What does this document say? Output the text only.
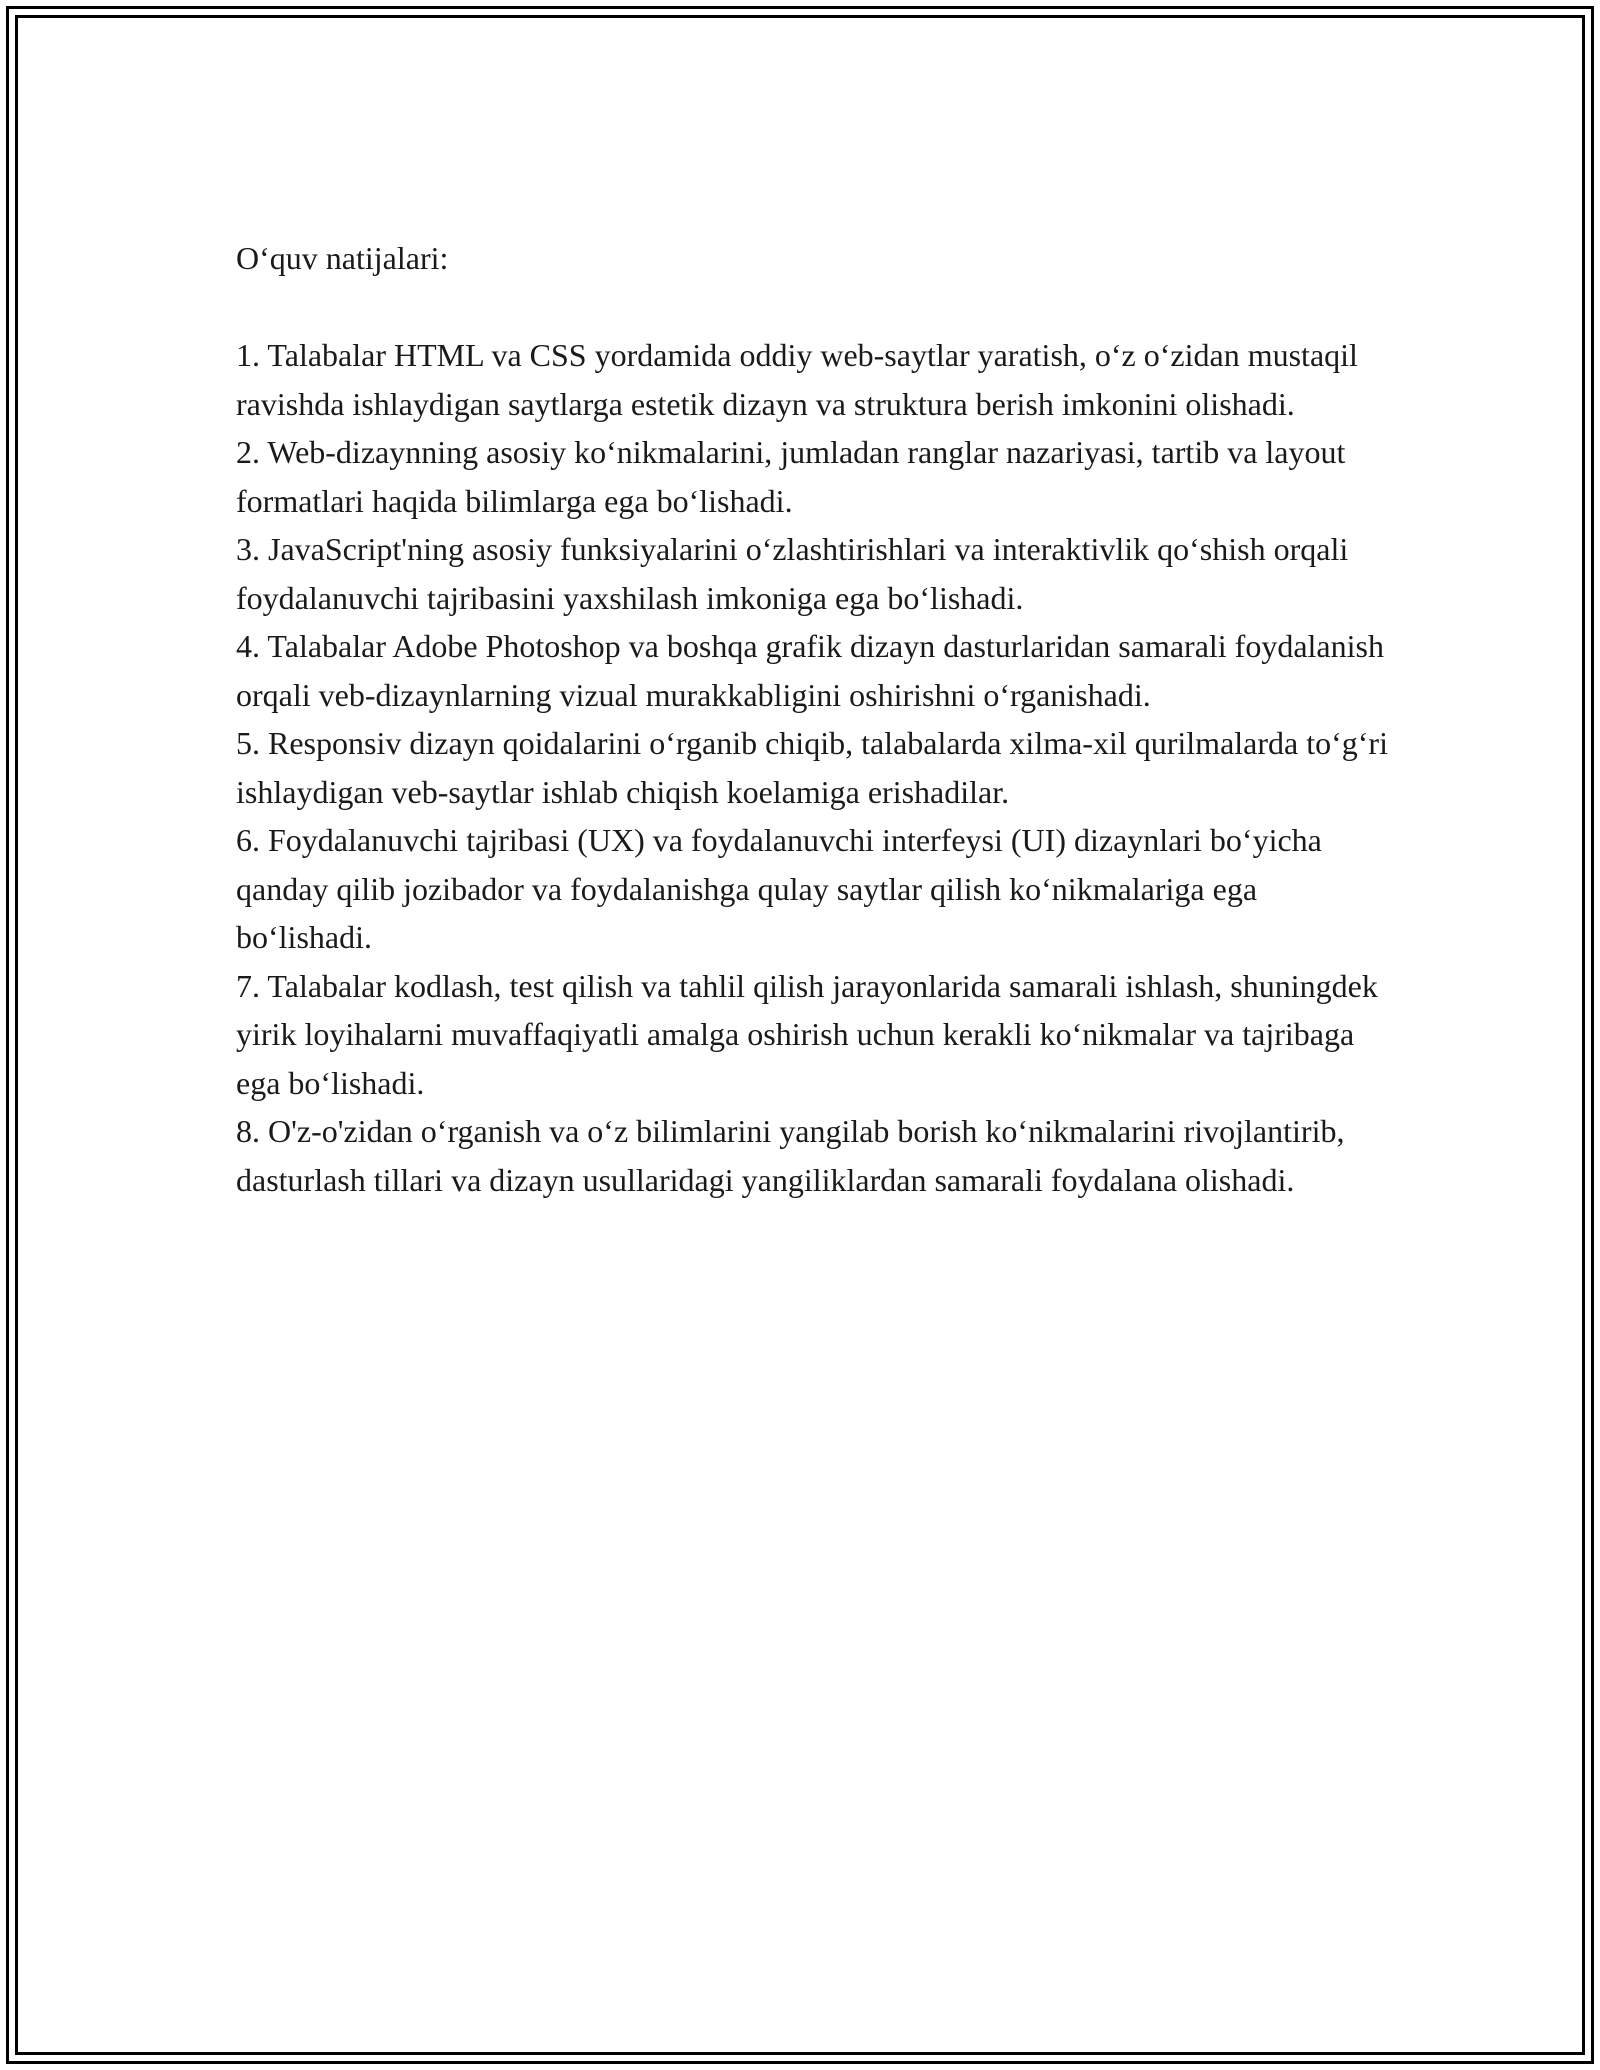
O‘quv natijalari:

1. Talabalar HTML va CSS yordamida oddiy web-saytlar yaratish, o‘z o‘zidan mustaqil ravishda ishlaydigan saytlarga estetik dizayn va struktura berish imkonini olishadi.

2. Web-dizaynning asosiy ko‘nikmalarini, jumladan ranglar nazariyasi, tartib va layout formatlari haqida bilimlarga ega bo‘lishadi.

3. JavaScript'ning asosiy funksiyalarini o‘zlashtirishlari va interaktivlik qo‘shish orqali foydalanuvchi tajribasini yaxshilash imkoniga ega bo‘lishadi.

4. Talabalar Adobe Photoshop va boshqa grafik dizayn dasturlaridan samarali foydalanish orqali veb-dizaynlarning vizual murakkabligini oshirishni o‘rganishadi.

5. Responsiv dizayn qoidalarini o‘rganib chiqib, talabalarda xilma-xil qurilmalarda to‘g‘ri ishlaydigan veb-saytlar ishlab chiqish koelamiga erishadilar.

6. Foydalanuvchi tajribasi (UX) va foydalanuvchi interfeysi (UI) dizaynlari bo‘yicha qanday qilib jozibador va foydalanishga qulay saytlar qilish ko‘nikmalariga ega bo‘lishadi.

7. Talabalar kodlash, test qilish va tahlil qilish jarayonlarida samarali ishlash, shuningdek yirik loyihalarni muvaffaqiyatli amalga oshirish uchun kerakli ko‘nikmalar va tajribaga ega bo‘lishadi.

8. O'z-o'zidan o‘rganish va o‘z bilimlarini yangilab borish ko‘nikmalarini rivojlantirib, dasturlash tillari va dizayn usullaridagi yangiliklardan samarali foydalana olishadi.
